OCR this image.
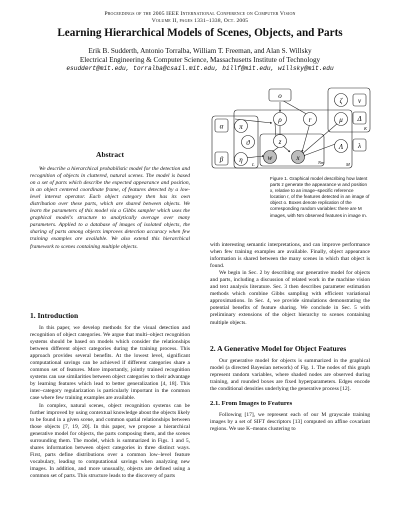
Proceedings of the 2005 IEEE International Conference on Computer Vision
Volume II, pages 1331–1338, Oct. 2005
Learning Hierarchical Models of Scenes, Objects, and Parts
Erik B. Sudderth, Antonio Torralba, William T. Freeman, and Alan S. Willsky
Electrical Engineering & Computer Science, Massachusetts Institute of Technology
esuddert@mit.edu, torralba@csail.mit.edu, billf@mit.edu, willsky@mit.edu
Abstract

We describe a hierarchical probabilistic model for the detection and recognition of objects in cluttered, natural scenes. The model is based on a set of parts which describe the expected appearance and position, in an object centered coordinate frame, of features detected by a low-level interest operator. Each object category then has its own distribution over these parts, which are shared between objects. We learn the parameters of this model via a Gibbs sampler which uses the graphical model's structure to analytically average over many parameters. Applied to a database of images of isolated objects, the sharing of parts among objects improves detection accuracy when few training examples are available. We also extend this hierarchical framework to scenes containing multiple objects.

1. Introduction

In this paper, we develop methods for the visual detection and recognition of object categories. We argue that multi–object recognition systems should be based on models which consider the relationships between different object categories during the training process. This approach provides several benefits. At the lowest level, significant computational savings can be achieved if different categories share a common set of features. More importantly, jointly trained recognition systems can use similarities between object categories to their advantage by learning features which lead to better generalization [4, 18]. This inter–category regularization is particularly important in the common case where few training examples are available.

In complex, natural scenes, object recognition systems can be further improved by using contextual knowledge about the objects likely to be found in a given scene, and common spatial relationships between those objects [7, 19, 20]. In this paper, we propose a hierarchical generative model for objects, the parts composing them, and the scenes surrounding them. The model, which is summarized in Figs. 1 and 5, shares information between object categories in three distinct ways. First, parts define distributions over a common low–level feature vocabulary, leading to computational savings when analyzing new images. In addition, and more unusually, objects are defined using a common set of parts. This structure leads to the discovery of parts

o
α
β
ν
Δ
λ
π
η
ρ
z
r
ζ
μ
Λ
ϑ
w	x
Nm	M
K
L
Figure 1. Graphical model describing how latent parts z generate the appearance w and position x, relative to an image–specific reference location r, of the features detected in an image of object o. Boxes denote replication of the corresponding random variables: there are M images, with Nm observed features in image m.

with interesting semantic interpretations, and can improve performance when few training examples are available. Finally, object appearance information is shared between the many scenes in which that object is found.

We begin in Sec. 2 by describing our generative model for objects and parts, including a discussion of related work in the machine vision and text analysis literature. Sec. 3 then describes parameter estimation methods which combine Gibbs sampling with efficient variational approximations. In Sec. 4, we provide simulations demonstrating the potential benefits of feature sharing. We conclude in Sec. 5 with preliminary extensions of the object hierarchy to scenes containing multiple objects.

2. A Generative Model for Object Features

Our generative model for objects is summarized in the graphical model (a directed Bayesian network) of Fig. 1. The nodes of this graph represent random variables, where shaded nodes are observed during training, and rounded boxes are fixed hyperparameters. Edges encode the conditional densities underlying the generative process [12].

2.1. From Images to Features

Following [17], we represent each of our M grayscale training images by a set of SIFT descriptors [13] computed on affine covariant regions. We use K–means clustering to
